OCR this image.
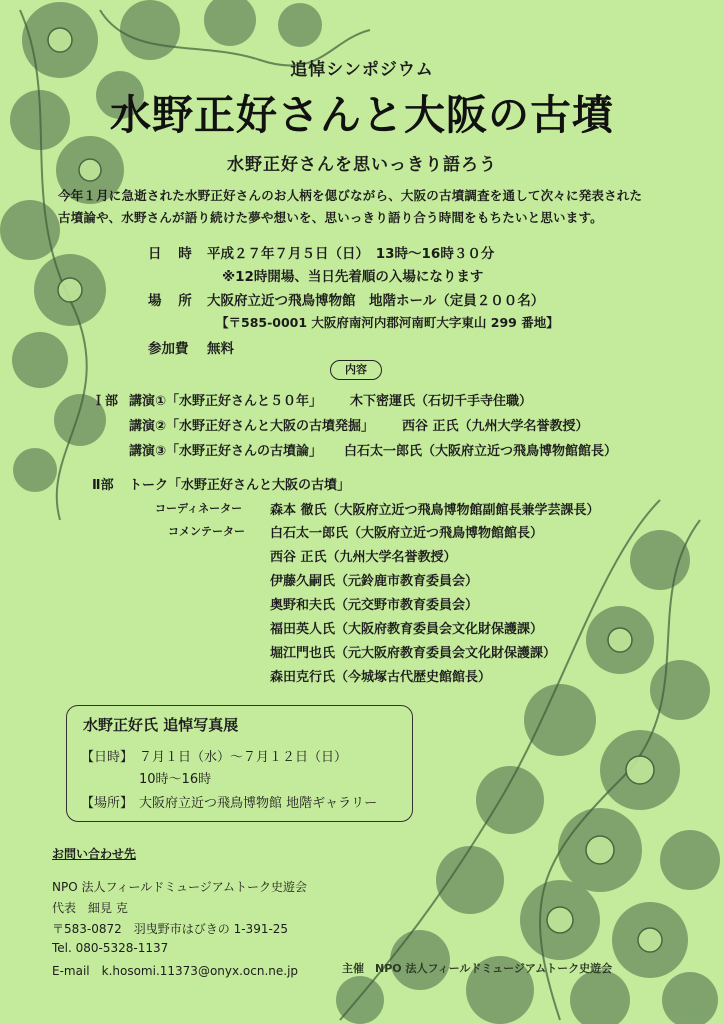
追悼シンポジウム
水野正好さんと大阪の古墳
水野正好さんを思いっきり語ろう
今年１月に急逝された水野正好さんのお人柄を偲びながら、大阪の古墳調査を通して次々に発表された
古墳論や、水野さんが語り続けた夢や想いを、思いっきり語り合う時間をもちたいと思います。
日 時 平成２７年７月５日（日）　13時～16時３０分
※12時開場、当日先着順の入場になります
場 所 大阪府立近つ飛鳥博物館　地階ホール（定員２００名）
【〒585-0001 大阪府南河内郡河南町大字東山 299 番地】
参加費 無料
内容
Ｉ部 講演①「水野正好さんと５０年」 木下密運氏（石切千手寺住職）
講演②「水野正好さんと大阪の古墳発掘」 西谷 正氏（九州大学名誉教授）
講演③「水野正好さんの古墳論」 白石太一郎氏（大阪府立近つ飛鳥博物館館長）
Ⅱ部 トーク「水野正好さんと大阪の古墳」
コーディネーター 森本 徹氏（大阪府立近つ飛鳥博物館副館長兼学芸課長）
コメンテーター 白石太一郎氏（大阪府立近つ飛鳥博物館館長）
西谷 正氏（九州大学名誉教授）
伊藤久嗣氏（元鈴鹿市教育委員会）
奥野和夫氏（元交野市教育委員会）
福田英人氏（大阪府教育委員会文化財保護課）
堀江門也氏（元大阪府教育委員会文化財保護課）
森田克行氏（今城塚古代歴史館館長）
水野正好氏 追悼写真展
【日時】 ７月１日（水）～７月１２日（日）
10時～16時
【場所】 大阪府立近つ飛鳥博物館 地階ギャラリー
お問い合わせ先
NPO 法人フィールドミュージアムトーク史遊会
代表　細見 克
〒583-0872　羽曳野市はびきの 1-391-25
Tel. 080-5328-1137
E-mail　k.hosomi.11373@onyx.ocn.ne.jp	主催　NPO 法人フィールドミュージアムトーク史遊会
